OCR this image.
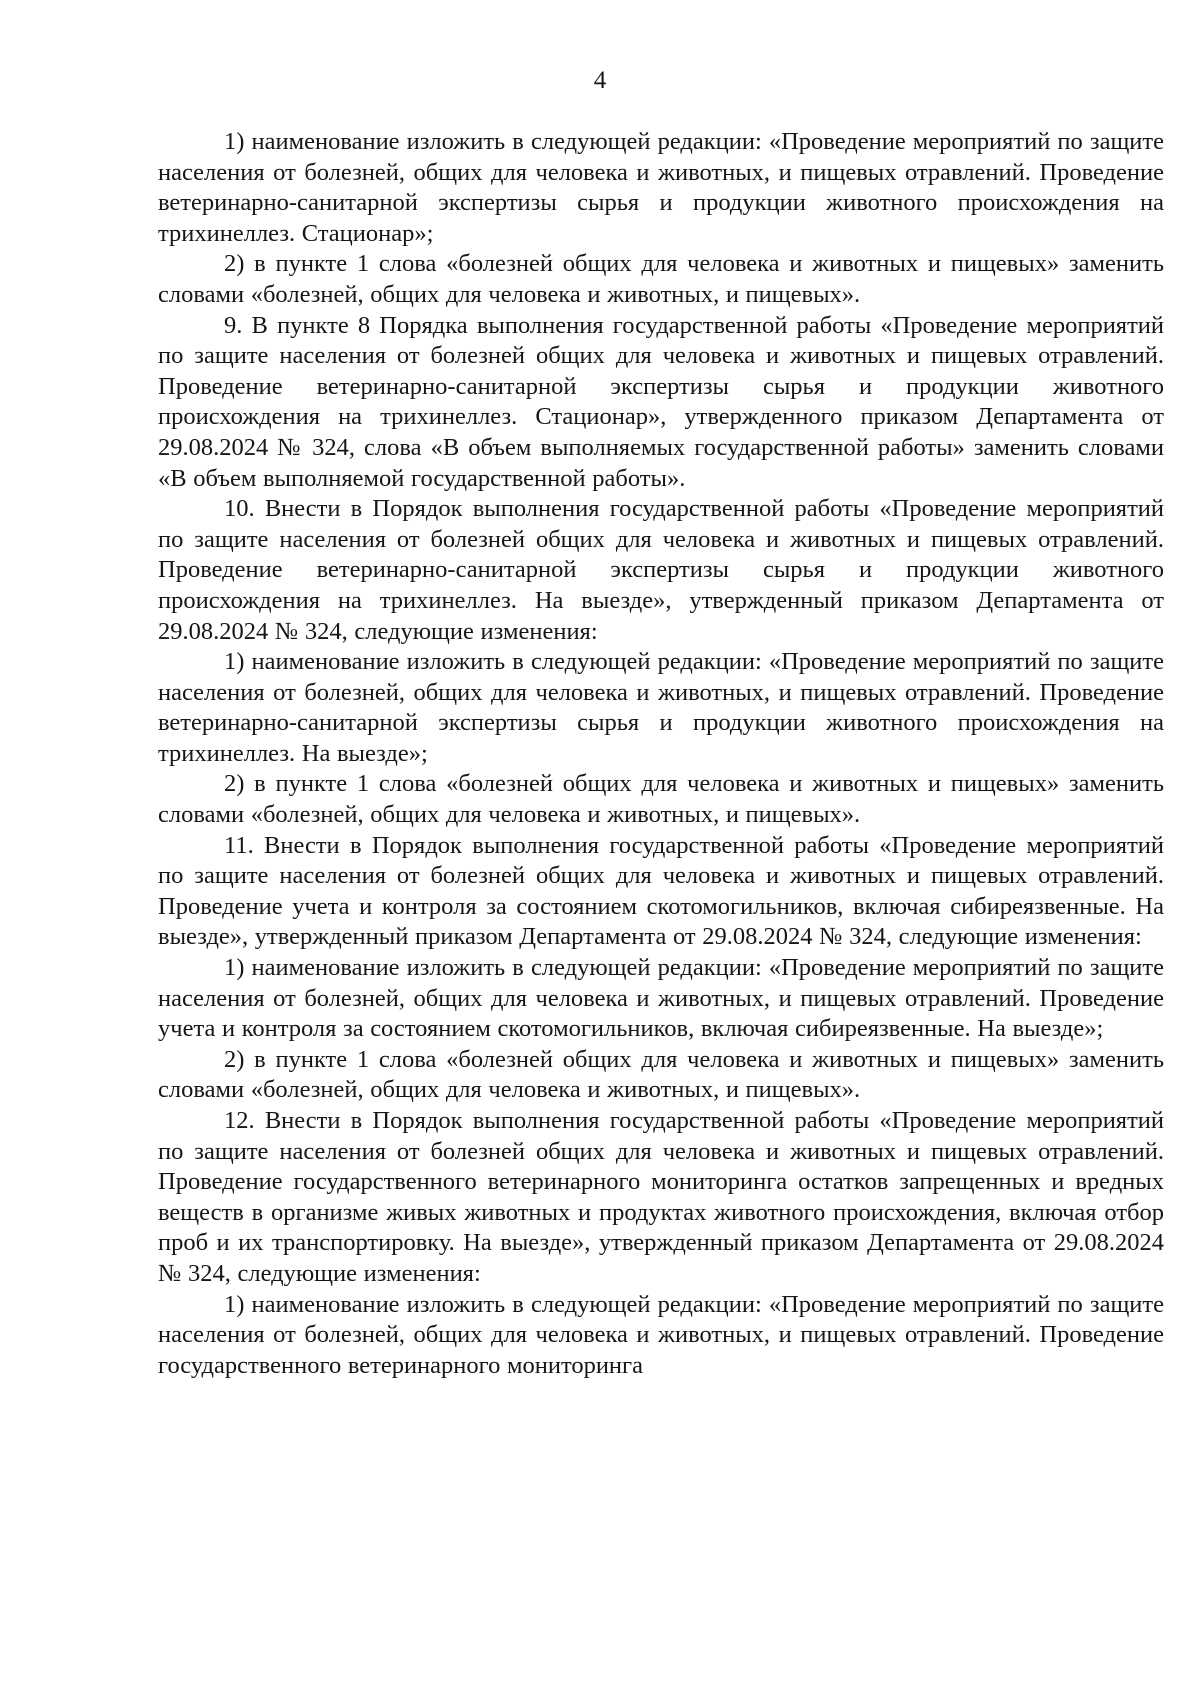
4

1) наименование изложить в следующей редакции: «Проведение мероприятий по защите населения от болезней, общих для человека и животных, и пищевых отравлений. Проведение ветеринарно-санитарной экспертизы сырья и продукции животного происхождения на трихинеллез. Стационар»;

2) в пункте 1 слова «болезней общих для человека и животных и пищевых» заменить словами «болезней, общих для человека и животных, и пищевых».

9. В пункте 8 Порядка выполнения государственной работы «Проведение мероприятий по защите населения от болезней общих для человека и животных и пищевых отравлений. Проведение ветеринарно-санитарной экспертизы сырья и продукции животного происхождения на трихинеллез. Стационар», утвержденного приказом Департамента от 29.08.2024 № 324, слова «В объем выполняемых государственной работы» заменить словами «В объем выполняемой государственной работы».

10. Внести в Порядок выполнения государственной работы «Проведение мероприятий по защите населения от болезней общих для человека и животных и пищевых отравлений. Проведение ветеринарно-санитарной экспертизы сырья и продукции животного происхождения на трихинеллез. На выезде», утвержденный приказом Департамента от 29.08.2024 № 324, следующие изменения:

1) наименование изложить в следующей редакции: «Проведение мероприятий по защите населения от болезней, общих для человека и животных, и пищевых отравлений. Проведение ветеринарно-санитарной экспертизы сырья и продукции животного происхождения на трихинеллез. На выезде»;

2) в пункте 1 слова «болезней общих для человека и животных и пищевых» заменить словами «болезней, общих для человека и животных, и пищевых».

11. Внести в Порядок выполнения государственной работы «Проведение мероприятий по защите населения от болезней общих для человека и животных и пищевых отравлений. Проведение учета и контроля за состоянием скотомогильников, включая сибиреязвенные. На выезде», утвержденный приказом Департамента от 29.08.2024 № 324, следующие изменения:

1) наименование изложить в следующей редакции: «Проведение мероприятий по защите населения от болезней, общих для человека и животных, и пищевых отравлений. Проведение учета и контроля за состоянием скотомогильников, включая сибиреязвенные. На выезде»;

2) в пункте 1 слова «болезней общих для человека и животных и пищевых» заменить словами «болезней, общих для человека и животных, и пищевых».

12. Внести в Порядок выполнения государственной работы «Проведение мероприятий по защите населения от болезней общих для человека и животных и пищевых отравлений. Проведение государственного ветеринарного мониторинга остатков запрещенных и вредных веществ в организме живых животных и продуктах животного происхождения, включая отбор проб и их транспортировку. На выезде», утвержденный приказом Департамента от 29.08.2024 № 324, следующие изменения:

1) наименование изложить в следующей редакции: «Проведение мероприятий по защите населения от болезней, общих для человека и животных, и пищевых отравлений. Проведение государственного ветеринарного мониторинга
